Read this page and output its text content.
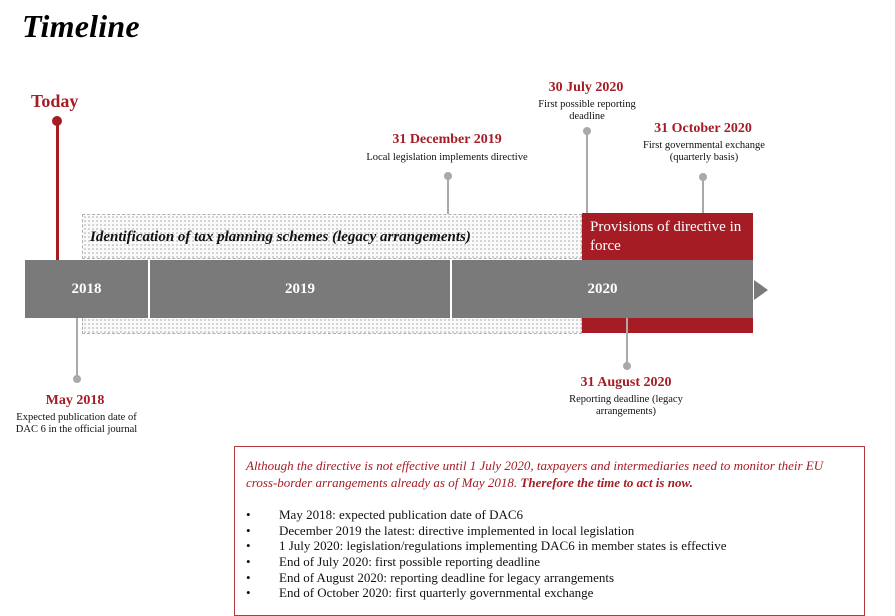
Timeline
Today
Identification of tax planning schemes (legacy arrangements)
Provisions of directive in force
2018	2019	2020
31 December 2019
Local legislation implements directive
30 July 2020
First possible reporting deadline
31 October 2020
First governmental exchange (quarterly basis)
May 2018
Expected publication date of DAC 6 in the official journal
31 August 2020
Reporting deadline (legacy arrangements)
Although the directive is not effective until 1 July 2020, taxpayers and intermediaries need to monitor their EU cross-border arrangements already as of May 2018. Therefore the time to act is now.
• May 2018: expected publication date of DAC6
• December 2019 the latest: directive implemented in local legislation
• 1 July 2020: legislation/regulations implementing DAC6 in member states is effective
• End of July 2020: first possible reporting deadline
• End of August 2020: reporting deadline for legacy arrangements
• End of October 2020: first quarterly governmental exchange
